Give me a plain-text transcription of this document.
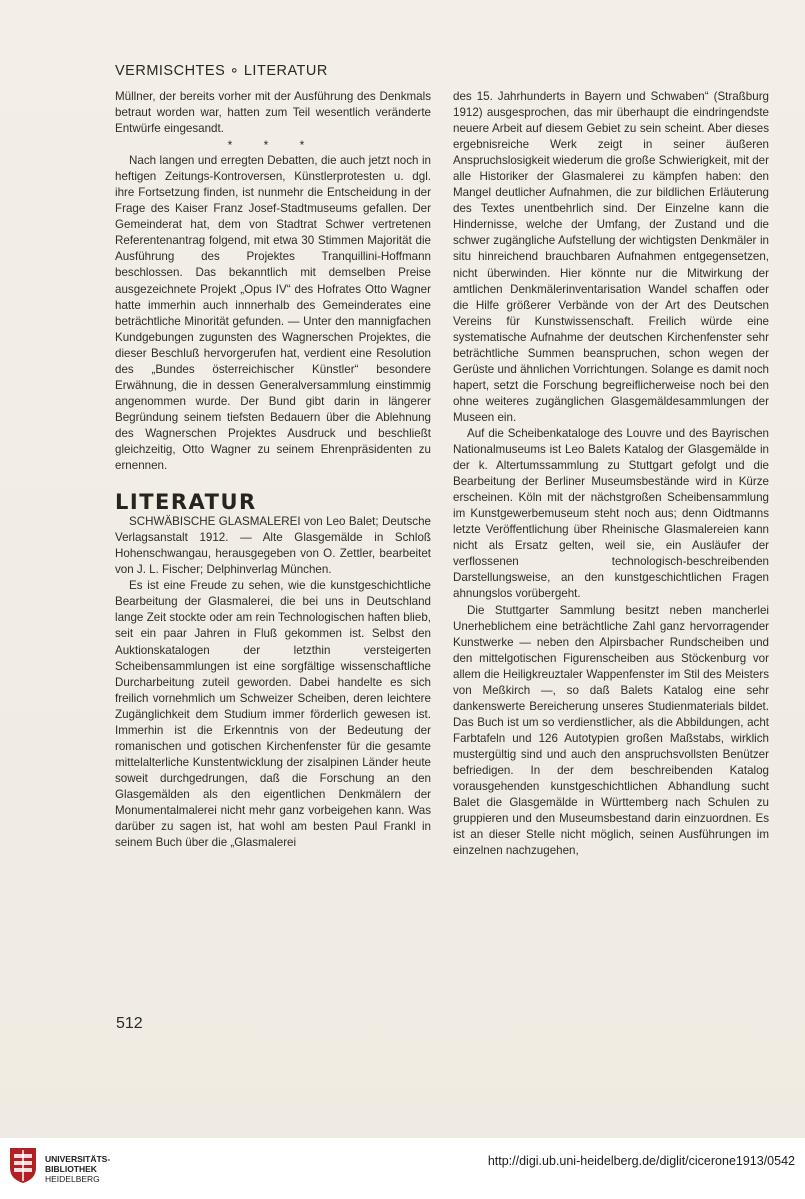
VERMISCHTES ∘ LITERATUR

Müllner, der bereits vorher mit der Ausführung des Denkmals betraut worden war, hatten zum Teil wesentlich veränderte Entwürfe eingesandt.

* * *

Nach langen und erregten Debatten, die auch jetzt noch in heftigen Zeitungs-Kontroversen, Künstlerprotesten u. dgl. ihre Fortsetzung finden, ist nunmehr die Entscheidung in der Frage des Kaiser Franz Josef-Stadtmuseums gefallen. Der Gemeinderat hat, dem von Stadtrat Schwer vertretenen Referentenantrag folgend, mit etwa 30 Stimmen Majorität die Ausführung des Projektes Tranquillini-Hoffmann beschlossen. Das bekanntlich mit demselben Preise ausgezeichnete Projekt „Opus IV“ des Hofrates Otto Wagner hatte immerhin auch innnerhalb des Gemeinderates eine beträchtliche Minorität gefunden. — Unter den mannigfachen Kundgebungen zugunsten des Wagnerschen Projektes, die dieser Beschluß hervorgerufen hat, verdient eine Resolution des „Bundes österreichischer Künstler“ besondere Erwähnung, die in dessen Generalversammlung einstimmig angenommen wurde. Der Bund gibt darin in längerer Begründung seinem tiefsten Bedauern über die Ablehnung des Wagnerschen Projektes Ausdruck und beschließt gleichzeitig, Otto Wagner zu seinem Ehrenpräsidenten zu ernennen.

LITERATUR

SCHWÄBISCHE GLASMALEREI von Leo Balet; Deutsche Verlagsanstalt 1912. — Alte Glasgemälde in Schloß Hohenschwangau, herausgegeben von O. Zettler, bearbeitet von J. L. Fischer; Delphinverlag München.

Es ist eine Freude zu sehen, wie die kunstgeschichtliche Bearbeitung der Glasmalerei, die bei uns in Deutschland lange Zeit stockte oder am rein Technologischen haften blieb, seit ein paar Jahren in Fluß gekommen ist. Selbst den Auktionskatalogen der letzthin versteigerten Scheibensammlungen ist eine sorgfältige wissenschaftliche Durcharbeitung zuteil geworden. Dabei handelte es sich freilich vornehmlich um Schweizer Scheiben, deren leichtere Zugänglichkeit dem Studium immer förderlich gewesen ist. Immerhin ist die Erkenntnis von der Bedeutung der romanischen und gotischen Kirchenfenster für die gesamte mittelalterliche Kunstentwicklung der zisalpinen Länder heute soweit durchgedrungen, daß die Forschung an den Glasgemälden als den eigentlichen Denkmälern der Monumentalmalerei nicht mehr ganz vorbeigehen kann. Was darüber zu sagen ist, hat wohl am besten Paul Frankl in seinem Buch über die „Glasmalerei

des 15. Jahrhunderts in Bayern und Schwaben“ (Straßburg 1912) ausgesprochen, das mir überhaupt die eindringendste neuere Arbeit auf diesem Gebiet zu sein scheint. Aber dieses ergebnisreiche Werk zeigt in seiner äußeren Anspruchslosigkeit wiederum die große Schwierigkeit, mit der alle Historiker der Glasmalerei zu kämpfen haben: den Mangel deutlicher Aufnahmen, die zur bildlichen Erläuterung des Textes unentbehrlich sind. Der Einzelne kann die Hindernisse, welche der Umfang, der Zustand und die schwer zugängliche Aufstellung der wichtigsten Denkmäler in situ hinreichend brauchbaren Aufnahmen entgegensetzen, nicht überwinden. Hier könnte nur die Mitwirkung der amtlichen Denkmälerinventarisation Wandel schaffen oder die Hilfe größerer Verbände von der Art des Deutschen Vereins für Kunstwissenschaft. Freilich würde eine systematische Aufnahme der deutschen Kirchenfenster sehr beträchtliche Summen beanspruchen, schon wegen der Gerüste und ähnlichen Vorrichtungen. Solange es damit noch hapert, setzt die Forschung begreiflicherweise noch bei den ohne weiteres zugänglichen Glasgemäldesammlungen der Museen ein.

Auf die Scheibenkataloge des Louvre und des Bayrischen Nationalmuseums ist Leo Balets Katalog der Glasgemälde in der k. Altertumssammlung zu Stuttgart gefolgt und die Bearbeitung der Berliner Museumsbestände wird in Kürze erscheinen. Köln mit der nächstgroßen Scheibensammlung im Kunstgewerbemuseum steht noch aus; denn Oidtmanns letzte Veröffentlichung über Rheinische Glasmalereien kann nicht als Ersatz gelten, weil sie, ein Ausläufer der verflossenen technologisch-beschreibenden Darstellungsweise, an den kunstgeschichtlichen Fragen ahnungslos vorübergeht.

Die Stuttgarter Sammlung besitzt neben mancherlei Unerheblichem eine beträchtliche Zahl ganz hervorragender Kunstwerke — neben den Alpirsbacher Rundscheiben und den mittelgotischen Figurenscheiben aus Stöckenburg vor allem die Heiligkreuztaler Wappenfenster im Stil des Meisters von Meßkirch —, so daß Balets Katalog eine sehr dankenswerte Bereicherung unseres Studienmaterials bildet. Das Buch ist um so verdienstlicher, als die Abbildungen, acht Farbtafeln und 126 Autotypien großen Maßstabs, wirklich mustergültig sind und auch den anspruchsvollsten Benützer befriedigen. In der dem beschreibenden Katalog vorausgehenden kunstgeschichtlichen Abhandlung sucht Balet die Glasgemälde in Württemberg nach Schulen zu gruppieren und den Museumsbestand darin einzuordnen. Es ist an dieser Stelle nicht möglich, seinen Ausführungen im einzelnen nachzugehen,

512
UNIVERSITÄTS-
BIBLIOTHEK
HEIDELBERG
http://digi.ub.uni-heidelberg.de/diglit/cicerone1913/0542
